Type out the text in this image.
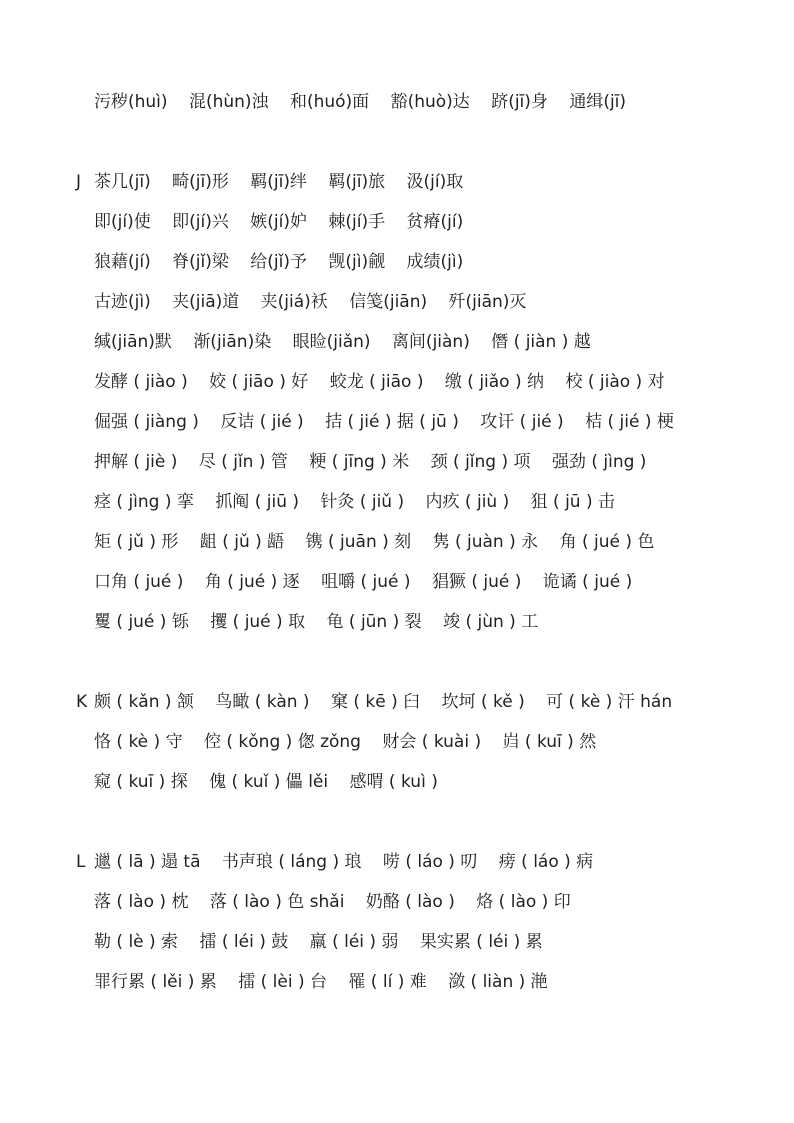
污秽(huì) 混(hùn)浊 和(huó)面 豁(huò)达 跻(jī)身 通缉(jī)
J 茶几(jī) 畸(jī)形 羁(jī)绊 羁(jī)旅 汲(jí)取
即(jí)使 即(jí)兴 嫉(jí)妒 棘(jí)手 贫瘠(jí)
狼藉(jí) 脊(jǐ)梁 给(jǐ)予 觊(jì)觎 成绩(jì)
古迹(jì) 夹(jiā)道 夹(jiá)袄 信笺(jiān) 歼(jiān)灭
缄(jiān)默 渐(jiān)染 眼睑(jiǎn) 离间(jiàn) 僭 ( jiàn ) 越
发酵 ( jiào ) 姣 ( jiāo ) 好 蛟龙 ( jiāo ) 缴 ( jiǎo ) 纳 校 ( jiào ) 对
倔强 ( jiàng ) 反诘 ( jié ) 拮 ( jié ) 据 ( jū ) 攻讦 ( jié ) 桔 ( jié ) 梗
押解 ( jiè ) 尽 ( jǐn ) 管 粳 ( jīng ) 米 颈 ( jǐng ) 项 强劲 ( jìng )
痉 ( jìng ) 挛 抓阄 ( jiū ) 针灸 ( jiǔ ) 内疚 ( jiù ) 狙 ( jū ) 击
矩 ( jǔ ) 形 龃 ( jǔ ) 龉 镌 ( juān ) 刻 隽 ( juàn ) 永 角 ( jué ) 色
口角 ( jué ) 角 ( jué ) 逐 咀嚼 ( jué ) 猖獗 ( jué ) 诡谲 ( jué )
矍 ( jué ) 铄 攫 ( jué ) 取 龟 ( jūn ) 裂 竣 ( jùn ) 工
K 颇 ( kǎn ) 颔 鸟瞰 ( kàn ) 窠 ( kē ) 臼 坎坷 ( kě ) 可 ( kè ) 汗 hán
恪 ( kè ) 守 倥 ( kǒng ) 偬 zǒng 财会 ( kuài ) 岿 ( kuī ) 然
窥 ( kuī ) 探 傀 ( kuǐ ) 儡 lěi 感喟 ( kuì )
L 邋 ( lā ) 遢 tā 书声琅 ( láng ) 琅 唠 ( láo ) 叨 痨 ( láo ) 病
落 ( lào ) 枕 落 ( lào ) 色 shǎi 奶酪 ( lào ) 烙 ( lào ) 印
勒 ( lè ) 索 擂 ( léi ) 鼓 羸 ( léi ) 弱 果实累 ( léi ) 累
罪行累 ( lěi ) 累 擂 ( lèi ) 台 罹 ( lí ) 难 潋 ( liàn ) 滟
